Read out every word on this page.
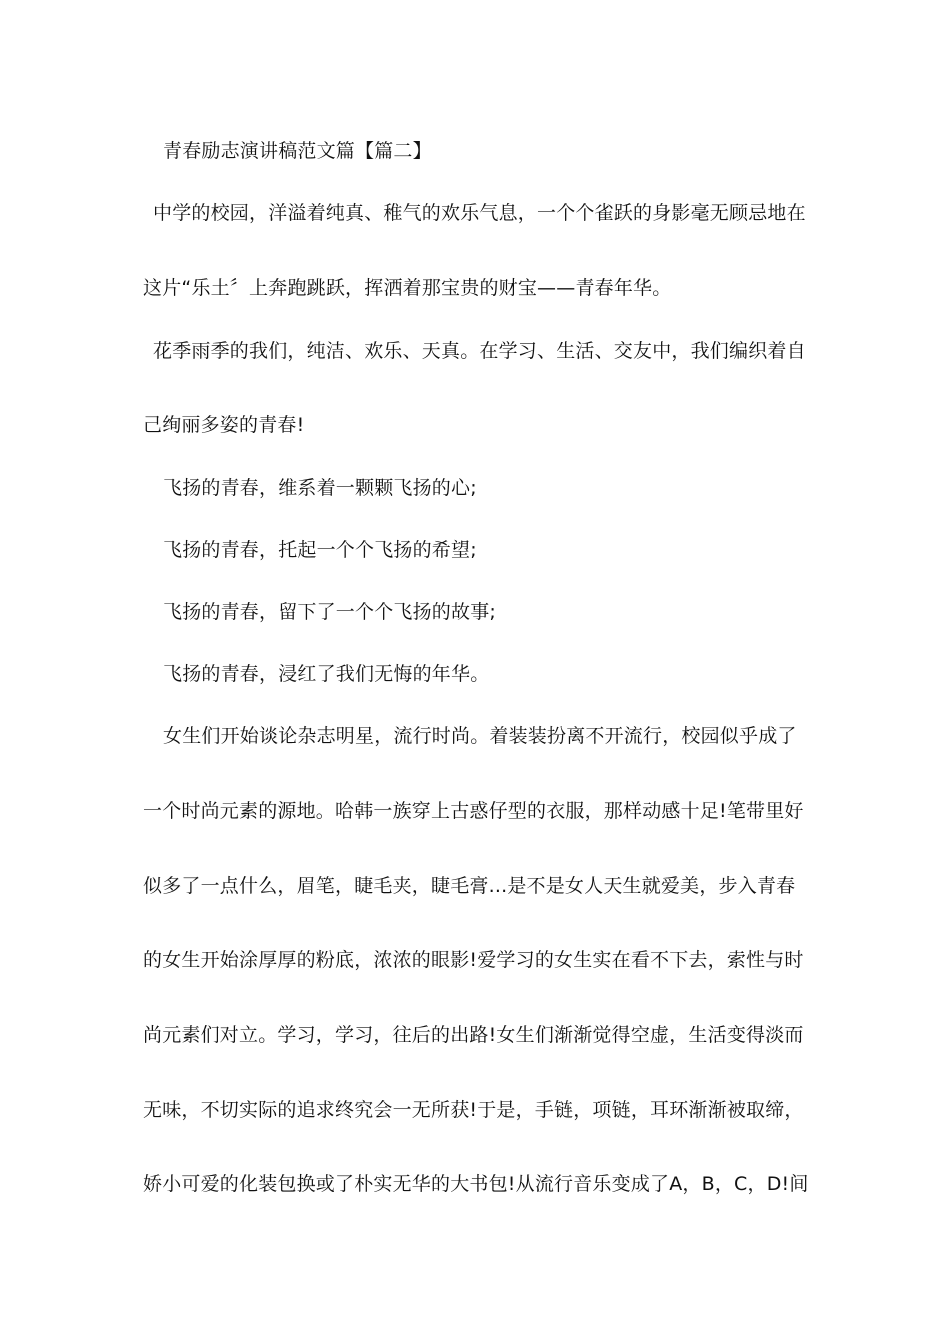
青春励志演讲稿范文篇【篇二】
中学的校园，洋溢着纯真、稚气的欢乐气息，一个个雀跃的身影毫无顾忌地在
这片“乐土〞上奔跑跳跃，挥洒着那宝贵的财宝——青春年华。
花季雨季的我们，纯洁、欢乐、天真。在学习、生活、交友中，我们编织着自
己绚丽多姿的青春!
飞扬的青春，维系着一颗颗飞扬的心;
飞扬的青春，托起一个个飞扬的希望;
飞扬的青春，留下了一个个飞扬的故事;
飞扬的青春，浸红了我们无悔的年华。
女生们开始谈论杂志明星，流行时尚。着装装扮离不开流行，校园似乎成了
一个时尚元素的源地。哈韩一族穿上古惑仔型的衣服，那样动感十足!笔带里好
似多了一点什么，眉笔，睫毛夹，睫毛膏...是不是女人天生就爱美，步入青春
的女生开始涂厚厚的粉底，浓浓的眼影!爱学习的女生实在看不下去，索性与时
尚元素们对立。学习，学习，往后的出路!女生们渐渐觉得空虚，生活变得淡而
无味，不切实际的追求终究会一无所获!于是，手链，项链，耳环渐渐被取缔，
娇小可爱的化装包换或了朴实无华的大书包!从流行音乐变成了A，B，C，D!间
